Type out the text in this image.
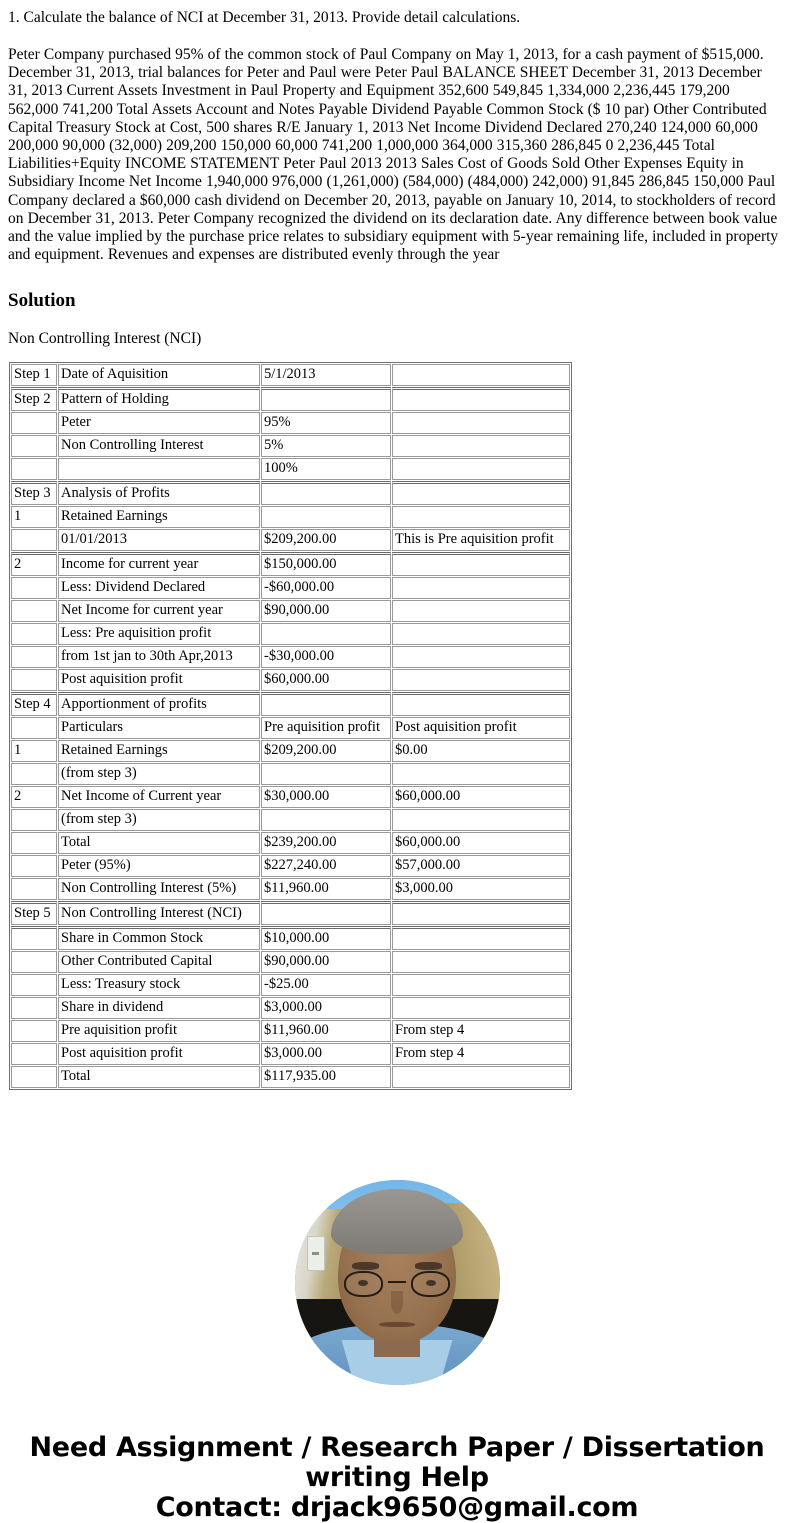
1. Calculate the balance of NCI at December 31, 2013. Provide detail calculations.

Peter Company purchased 95% of the common stock of Paul Company on May 1, 2013, for a cash payment of $515,000. December 31, 2013, trial balances for Peter and Paul were Peter Paul BALANCE SHEET December 31, 2013 December 31, 2013 Current Assets Investment in Paul Property and Equipment 352,600 549,845 1,334,000 2,236,445 179,200 562,000 741,200 Total Assets Account and Notes Payable Dividend Payable Common Stock ($ 10 par) Other Contributed Capital Treasury Stock at Cost, 500 shares R/E January 1, 2013 Net Income Dividend Declared 270,240 124,000 60,000 200,000 90,000 (32,000) 209,200 150,000 60,000 741,200 1,000,000 364,000 315,360 286,845 0 2,236,445 Total Liabilities+Equity INCOME STATEMENT Peter Paul 2013 2013 Sales Cost of Goods Sold Other Expenses Equity in Subsidiary Income Net Income 1,940,000 976,000 (1,261,000) (584,000) (484,000) 242,000) 91,845 286,845 150,000 Paul Company declared a $60,000 cash dividend on December 20, 2013, payable on January 10, 2014, to stockholders of record on December 31, 2013. Peter Company recognized the dividend on its declaration date. Any difference between book value and the value implied by the purchase price relates to subsidiary equipment with 5-year remaining life, included in property and equipment. Revenues and expenses are distributed evenly through the year

Solution

Non Controlling Interest (NCI)

Step 1	Date of Aquisition	5/1/2013	
Step 2	Pattern of Holding		
	Peter	95%	
	Non Controlling Interest	5%	
		100%	
Step 3	Analysis of Profits		
1	Retained Earnings		
	01/01/2013	$209,200.00	This is Pre aquisition profit
2	Income for current year	$150,000.00	
	Less: Dividend Declared	-$60,000.00	
	Net Income for current year	$90,000.00	
	Less: Pre aquisition profit		
	from 1st jan to 30th Apr,2013	-$30,000.00	
	Post aquisition profit	$60,000.00	
Step 4	Apportionment of profits		
	Particulars	Pre aquisition profit	Post aquisition profit
1	Retained Earnings	$209,200.00	$0.00
	(from step 3)		
2	Net Income of Current year	$30,000.00	$60,000.00
	(from step 3)		
	Total	$239,200.00	$60,000.00
	Peter (95%)	$227,240.00	$57,000.00
	Non Controlling Interest (5%)	$11,960.00	$3,000.00
Step 5	Non Controlling Interest (NCI)		
	Share in Common Stock	$10,000.00	
	Other Contributed Capital	$90,000.00	
	Less: Treasury stock	-$25.00	
	Share in dividend	$3,000.00	
	Pre aquisition profit	$11,960.00	From step 4
	Post aquisition profit	$3,000.00	From step 4
	Total	$117,935.00	
Need Assignment / Research Paper / Dissertation
writing Help
Contact: drjack9650@gmail.com
